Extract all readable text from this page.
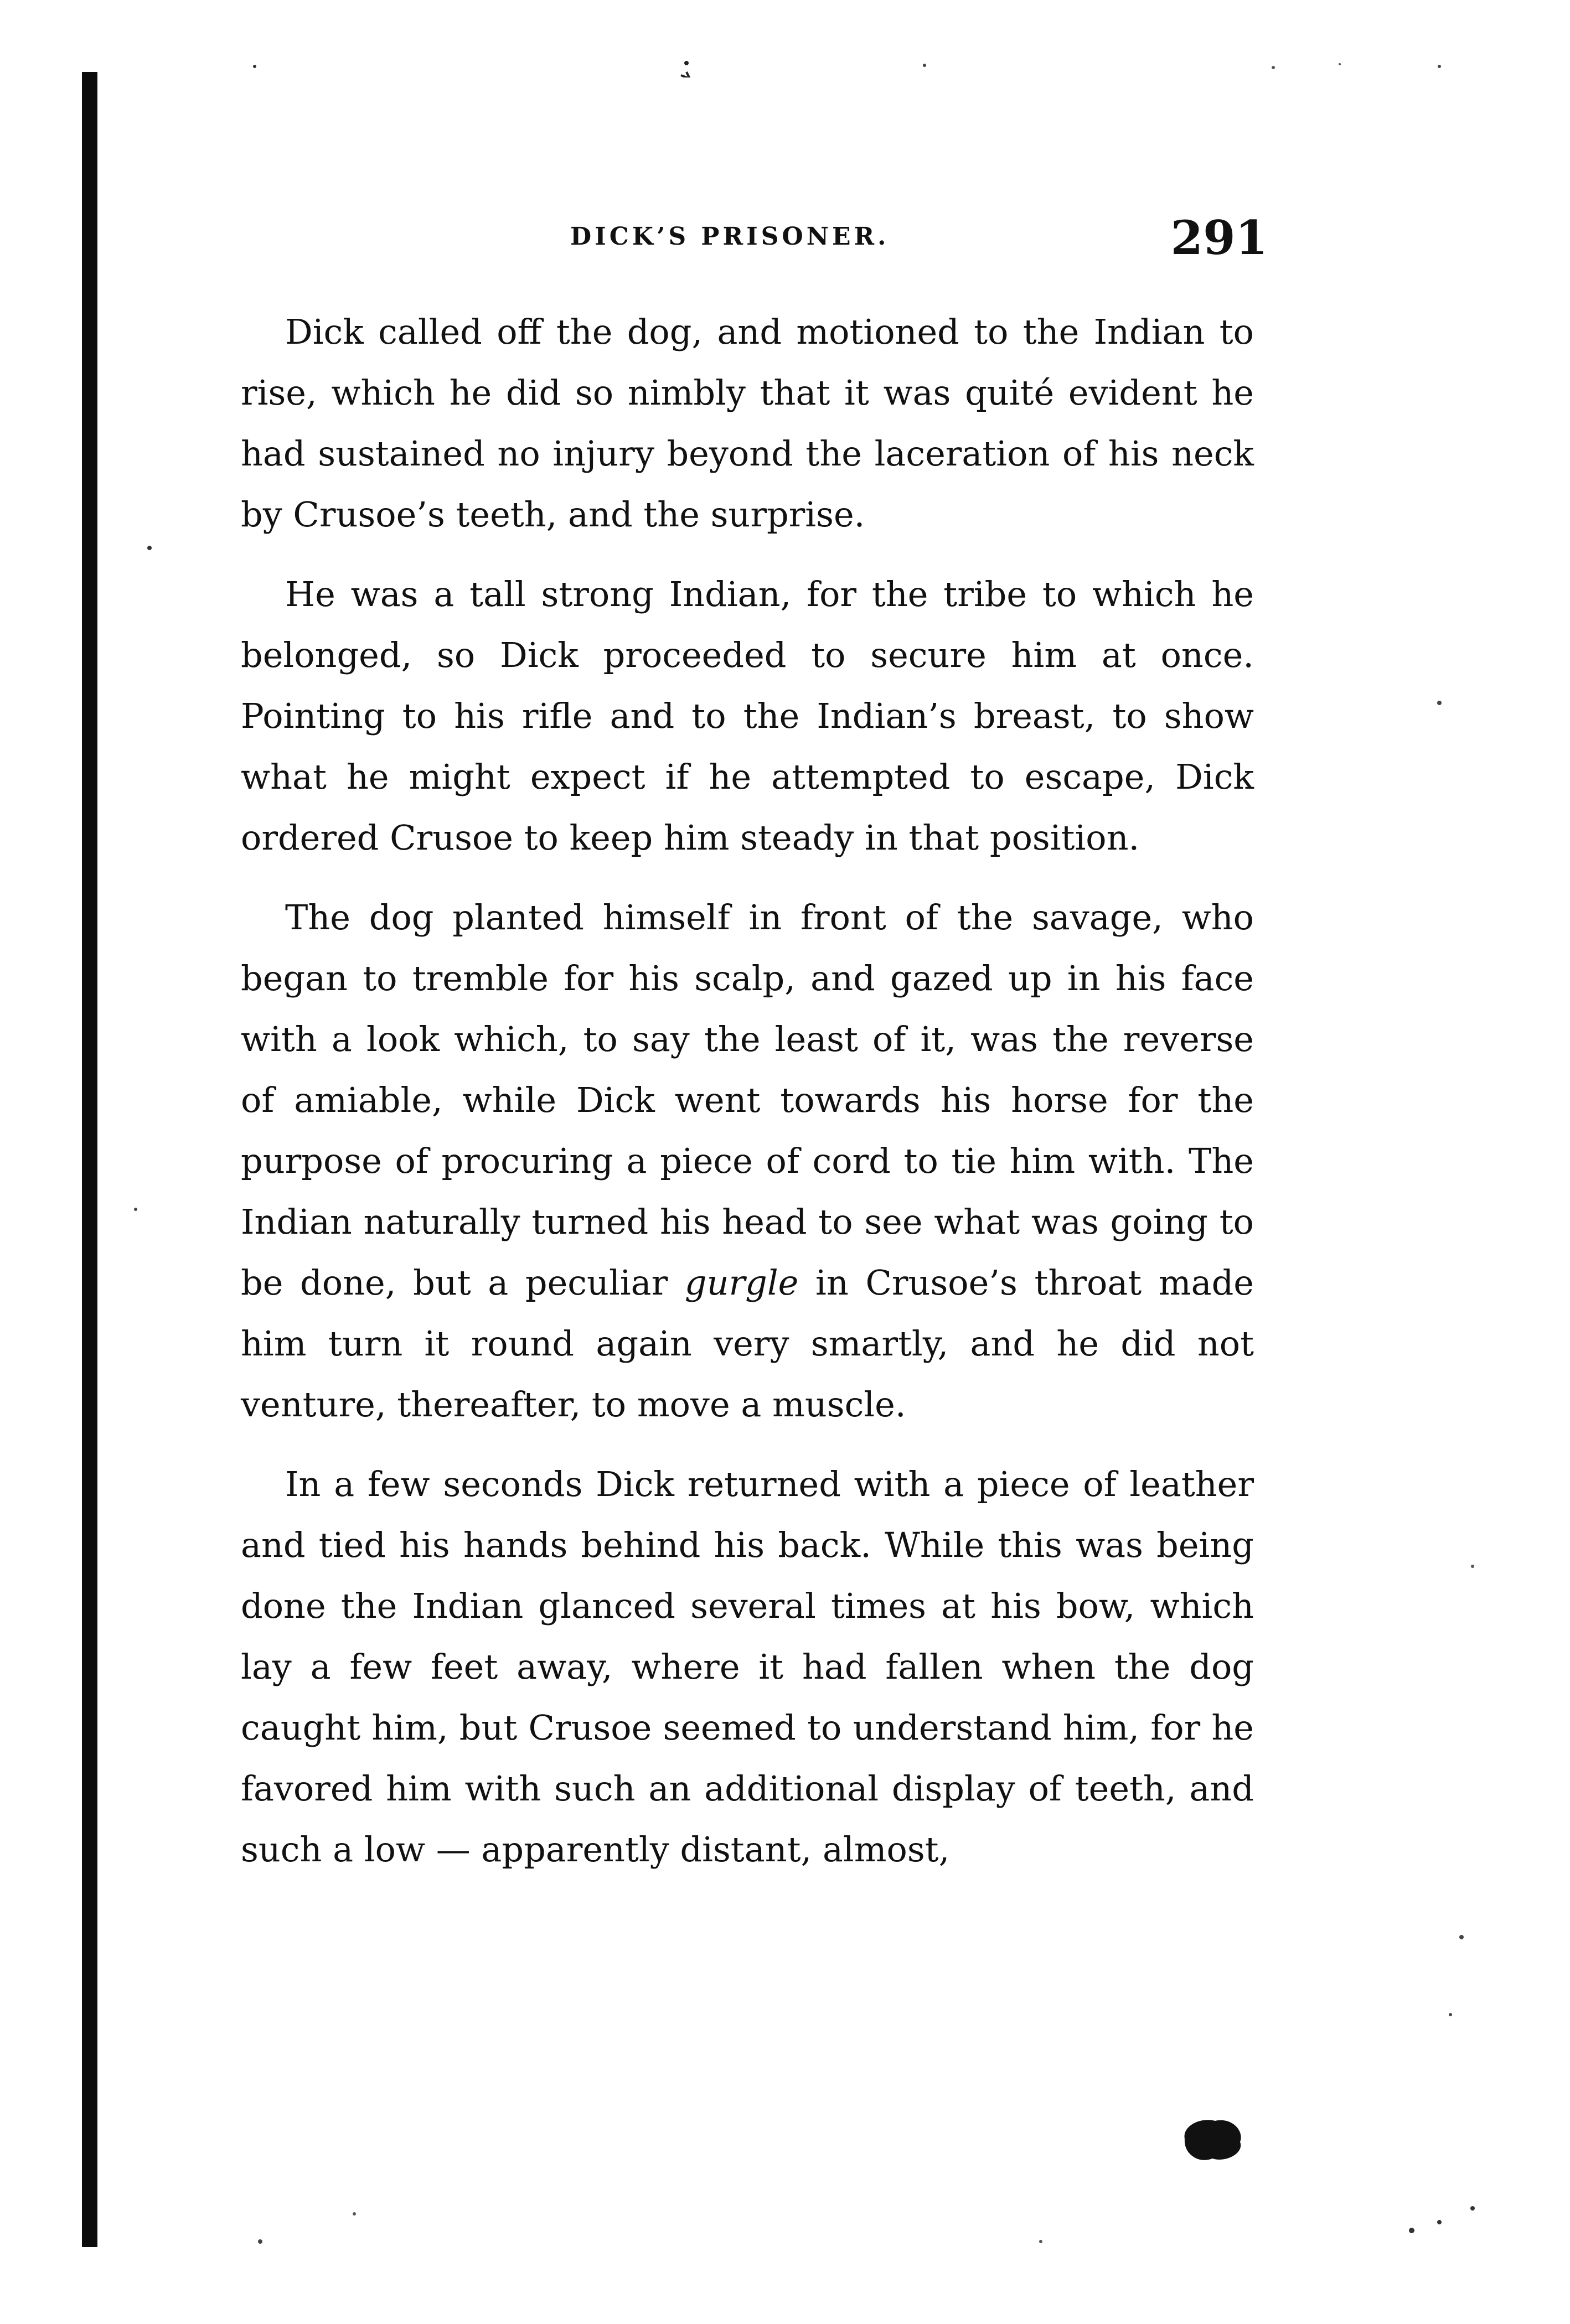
DICK’S PRISONER.	291

Dick called off the dog, and motioned to the Indian to rise, which he did so nimbly that it was quité evident he had sustained no injury beyond the laceration of his neck by Crusoe’s teeth, and the surprise.

He was a tall strong Indian, for the tribe to which he belonged, so Dick proceeded to secure him at once. Pointing to his rifle and to the Indian’s breast, to show what he might expect if he attempted to escape, Dick ordered Crusoe to keep him steady in that position.

The dog planted himself in front of the savage, who began to tremble for his scalp, and gazed up in his face with a look which, to say the least of it, was the reverse of amiable, while Dick went towards his horse for the purpose of procuring a piece of cord to tie him with. The Indian naturally turned his head to see what was going to be done, but a peculiar gurgle in Crusoe’s throat made him turn it round again very smartly, and he did not venture, thereafter, to move a muscle.

In a few seconds Dick returned with a piece of leather and tied his hands behind his back. While this was being done the Indian glanced several times at his bow, which lay a few feet away, where it had fallen when the dog caught him, but Crusoe seemed to understand him, for he favored him with such an additional display of teeth, and such a low — apparently distant, almost,
